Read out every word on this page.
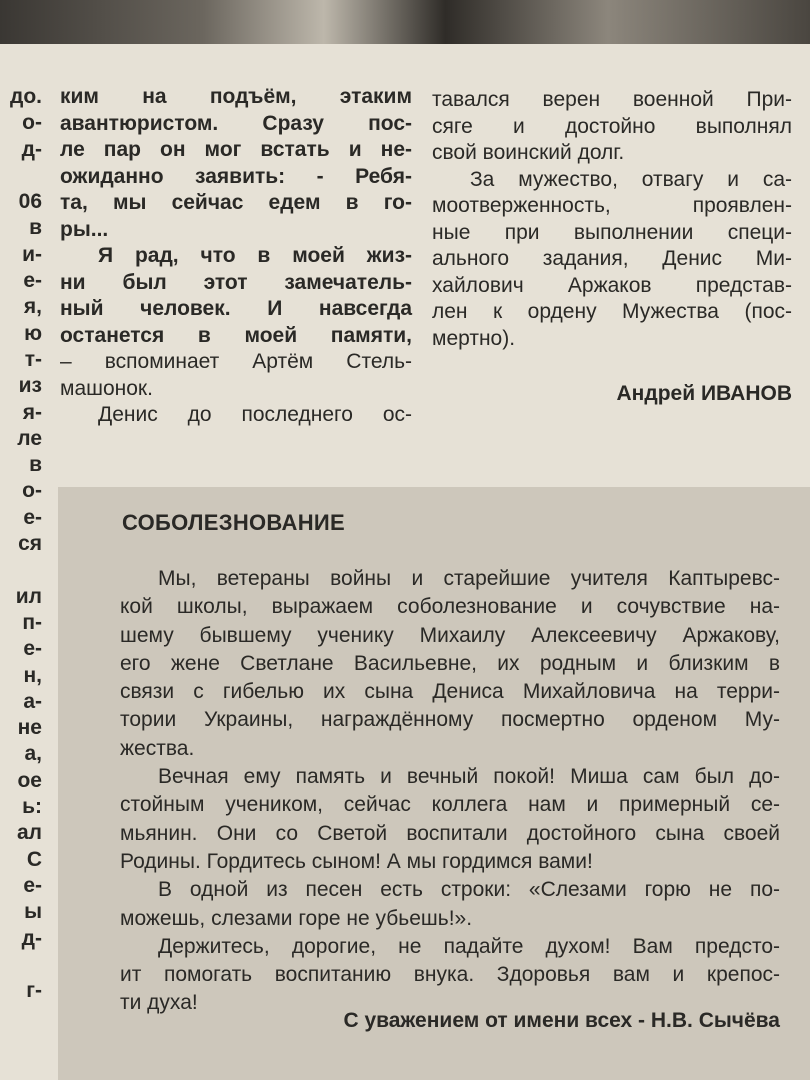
до.
о-
д-
06
в
и-
е-
я,
ю
т-
из
я-
ле
в
о-
е-
ся
ил
п-
е-
н,
а-
не
а,
ое
ь:
ал
С
е-
ы
д-
г-
ким на подъём, этаким
авантюристом. Сразу пос-
ле пар он мог встать и не-
ожиданно заявить: - Ребя-
та, мы сейчас едем в го-
ры...
Я рад, что в моей жиз-
ни был этот замечатель-
ный человек. И навсегда
останется в моей памяти,
– вспоминает Артём Стель-
машонок.
Денис до последнего ос-
тавался верен военной При-
сяге и достойно выполнял
свой воинский долг.
За мужество, отвагу и са-
моотверженность, проявлен-
ные при выполнении специ-
ального задания, Денис Ми-
хайлович Аржаков представ-
лен к ордену Мужества (пос-
мертно).
Андрей ИВАНОВ
СОБОЛЕЗНОВАНИЕ
Мы, ветераны войны и старейшие учителя Каптыревс-
кой школы, выражаем соболезнование и сочувствие на-
шему бывшему ученику Михаилу Алексеевичу Аржакову,
его жене Светлане Васильевне, их родным и близким в
связи с гибелью их сына Дениса Михайловича на терри-
тории Украины, награждённому посмертно орденом Му-
жества.
Вечная ему память и вечный покой! Миша сам был до-
стойным учеником, сейчас коллега нам и примерный се-
мьянин. Они со Светой воспитали достойного сына своей
Родины. Гордитесь сыном! А мы гордимся вами!
В одной из песен есть строки: «Слезами горю не по-
можешь, слезами горе не убьешь!».
Держитесь, дорогие, не падайте духом! Вам предсто-
ит помогать воспитанию внука. Здоровья вам и крепос-
ти духа!
С уважением от имени всех - Н.В. Сычёва
